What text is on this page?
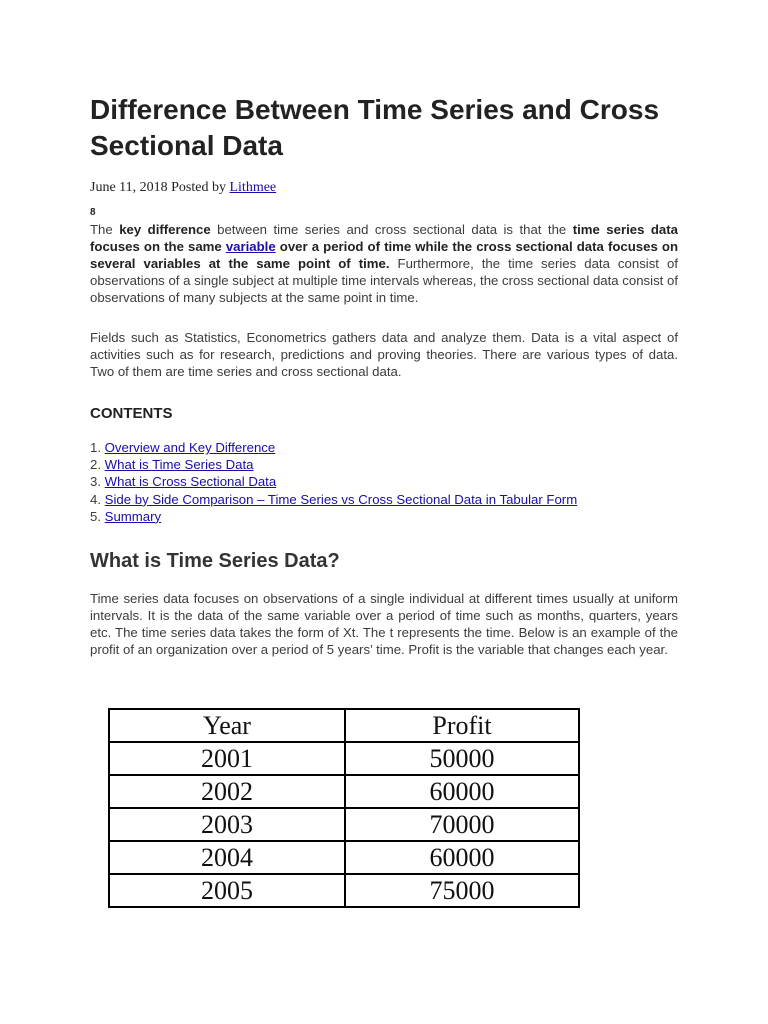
Difference Between Time Series and Cross Sectional Data
June 11, 2018 Posted by Lithmee
8

The key difference between time series and cross sectional data is that the time series data focuses on the same variable over a period of time while the cross sectional data focuses on several variables at the same point of time. Furthermore, the time series data consist of observations of a single subject at multiple time intervals whereas, the cross sectional data consist of observations of many subjects at the same point in time.

Fields such as Statistics, Econometrics gathers data and analyze them. Data is a vital aspect of activities such as for research, predictions and proving theories. There are various types of data. Two of them are time series and cross sectional data.

CONTENTS
1. Overview and Key Difference
2. What is Time Series Data
3. What is Cross Sectional Data
4. Side by Side Comparison – Time Series vs Cross Sectional Data in Tabular Form
5. Summary
What is Time Series Data?

Time series data focuses on observations of a single individual at different times usually at uniform intervals. It is the data of the same variable over a period of time such as months, quarters, years etc. The time series data takes the form of Xt. The t represents the time. Below is an example of the profit of an organization over a period of 5 years’ time. Profit is the variable that changes each year.

Year	Profit
2001	50000
2002	60000
2003	70000
2004	60000
2005	75000
